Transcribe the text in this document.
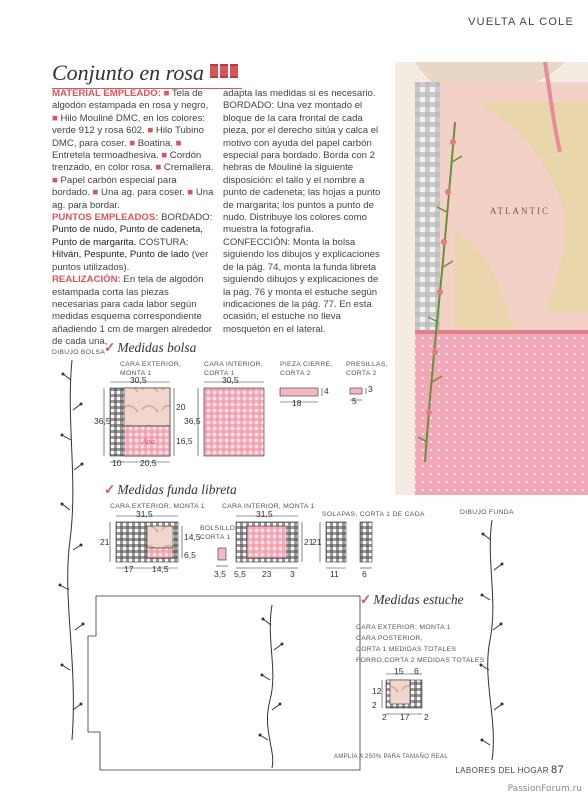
VUELTA AL COLE
Conjunto en rosa
MATERIAL EMPLEADO: ■ Tela de algodón estampada en rosa y negro, ■ Hilo Mouliné DMC, en los colores: verde 912 y rosa 602. ■ Hilo Tubino DMC, para coser. ■ Boatina. ■ Entretela termoadhesiva. ■ Cordón trenzado, en color rosa. ■ Cremallera. ■ Papel carbón especial para bordado. ■ Una ag. para coser. ■ Una ag. para bordar.
PUNTOS EMPLEADOS: BORDADO: Punto de nudo, Punto de cadeneta, Punto de margarita. COSTURA: Hilván, Pespunte, Punto de lado (ver puntos utilizados).
REALIZACIÓN: En tela de algodón estampada corta las piezas necesarias para cada labor según medidas esquema correspondiente añadiendo 1 cm de margen alrededor de cada una,
adapta las medidas si es necesario. BORDADO: Una vez montado el bloque de la cara frontal de cada pieza, por el derecho sitúa y calca el motivo con ayuda del papel carbón especial para bordado. Borda con 2 hebras de Mouliné la siguiente disposición: el tallo y el nombre a punto de cadeneta; las hojas a punto de margarita; los puntos a punto de nudo. Distribuye los colores como muestra la fotografía. CONFECCIÓN: Monta la bolsa siguiendo los dibujos y explicaciones de la pág. 74, monta la funda libreta siguiendo dibujos y explicaciones de la pág. 76 y monta el estuche según indicaciones de la pág. 77. En esta ocasión, el estuche no lleva mosquetón en el lateral.
ATLANTIC
Ana
DIBUJO BOLSA
✓ Medidas bolsa
CARA EXTERIOR,
MONTA 1
CARA INTERIOR,
CORTA 1
PIEZA CIERRE,
CORTA 2
PRESILLAS,
CORTA 2
30,5
36,5
20
16,5
10 20,5
30,5
36,5
18
4
5
3
✓ Medidas funda libreta
DIBUJO FUNDA
CARA EXTERIOR, MONTA 1
BOLSILLO,
CORTA 1
CARA INTERIOR, MONTA 1
SOLAPAS, CORTA 1 DE CADA
31,5
21	14,5
6,5
17 14,5	3,5
31,5
21
5,5 23 3
21
11	6
✓ Medidas estuche
CARA EXTERIOR, MONTA 1
CARA POSTERIOR,
CORTA 1 MEDIDAS TOTALES
FORRO,CORTA 2 MEDIDAS TOTALES
15 6
12
2
2 17 2
AMPLIA A 250% PARA TAMAÑO REAL
LABORES DEL HOGAR 87
PassionForum.ru
